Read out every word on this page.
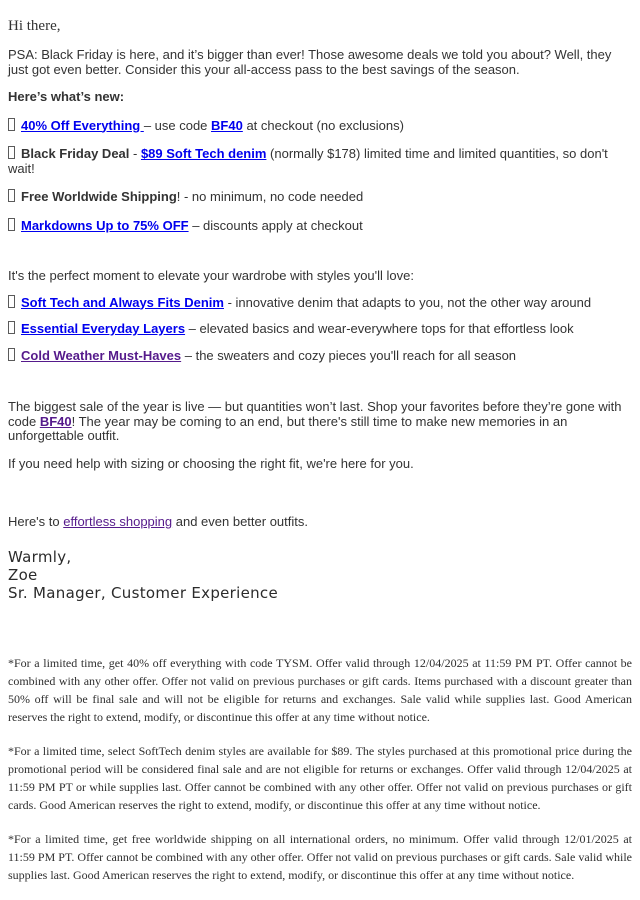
Hi there,

PSA: Black Friday is here, and it’s bigger than ever! Those awesome deals we told you about? Well, they just got even better. Consider this your all-access pass to the best savings of the season.

Here’s what’s new:

40% Off Everything – use code BF40 at checkout (no exclusions)

Black Friday Deal - $89 Soft Tech denim (normally $178) limited time and limited quantities, so don't wait!

Free Worldwide Shipping! - no minimum, no code needed

Markdowns Up to 75% OFF – discounts apply at checkout

It's the perfect moment to elevate your wardrobe with styles you'll love:

Soft Tech and Always Fits Denim - innovative denim that adapts to you, not the other way around

Essential Everyday Layers – elevated basics and wear-everywhere tops for that effortless look

Cold Weather Must-Haves – the sweaters and cozy pieces you'll reach for all season

The biggest sale of the year is live — but quantities won’t last. Shop your favorites before they’re gone with code BF40! The year may be coming to an end, but there's still time to make new memories in an unforgettable outfit.

If you need help with sizing or choosing the right fit, we're here for you.

Here's to effortless shopping and even better outfits.

Warmly,
Zoe
Sr. Manager, Customer Experience

*For a limited time, get 40% off everything with code TYSM. Offer valid through 12/04/2025 at 11:59 PM PT. Offer cannot be combined with any other offer. Offer not valid on previous purchases or gift cards. Items purchased with a discount greater than 50% off will be final sale and will not be eligible for returns and exchanges. Sale valid while supplies last. Good American reserves the right to extend, modify, or discontinue this offer at any time without notice.

*For a limited time, select SoftTech denim styles are available for $89. The styles purchased at this promotional price during the promotional period will be considered final sale and are not eligible for returns or exchanges. Offer valid through 12/04/2025 at 11:59 PM PT or while supplies last. Offer cannot be combined with any other offer. Offer not valid on previous purchases or gift cards. Good American reserves the right to extend, modify, or discontinue this offer at any time without notice.

*For a limited time, get free worldwide shipping on all international orders, no minimum. Offer valid through 12/01/2025 at 11:59 PM PT. Offer cannot be combined with any other offer. Offer not valid on previous purchases or gift cards. Sale valid while supplies last. Good American reserves the right to extend, modify, or discontinue this offer at any time without notice.
